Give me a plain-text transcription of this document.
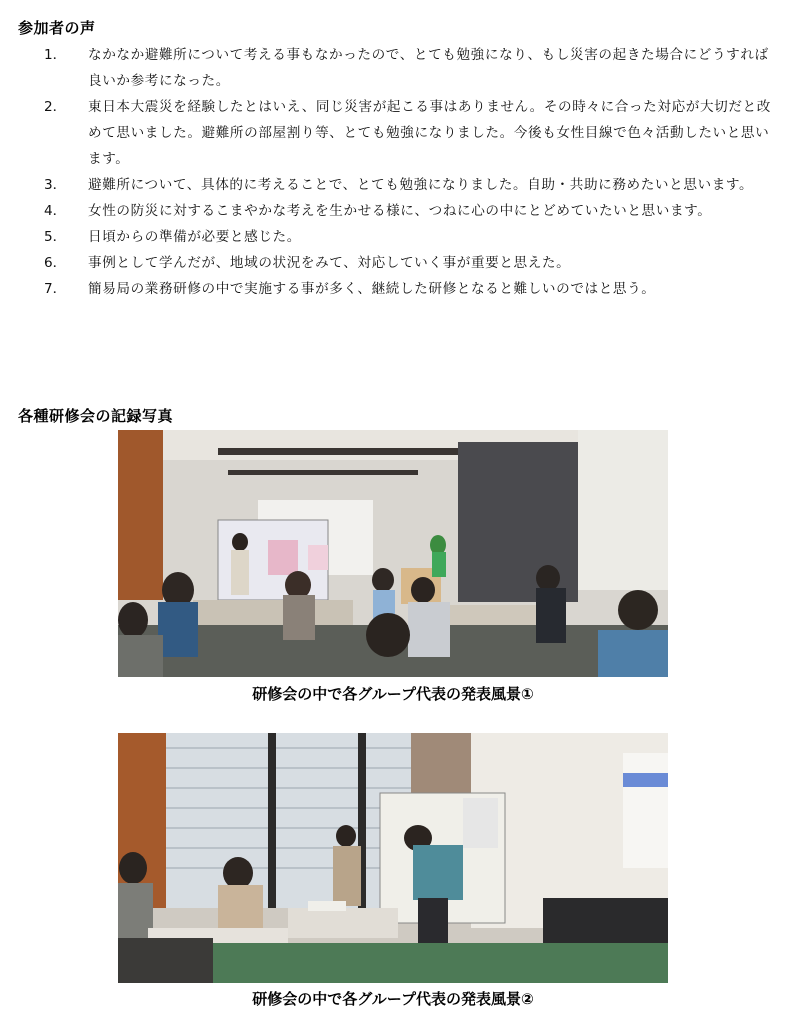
参加者の声
1．	なかなか避難所について考える事もなかったので、とても勉強になり、もし災害の起きた場合にどうすれば良いか参考になった。
2．	東日本大震災を経験したとはいえ、同じ災害が起こる事はありません。その時々に合った対応が大切だと改めて思いました。避難所の部屋割り等、とても勉強になりました。今後も女性目線で色々活動したいと思います。
3．	避難所について、具体的に考えることで、とても勉強になりました。自助・共助に務めたいと思います。
4．	女性の防災に対するこまやかな考えを生かせる様に、つねに心の中にとどめていたいと思います。
5．	日頃からの準備が必要と感じた。
6．	事例として学んだが、地域の状況をみて、対応していく事が重要と思えた。
7．	簡易局の業務研修の中で実施する事が多く、継続した研修となると難しいのではと思う。
各種研修会の記録写真
研修会の中で各グループ代表の発表風景①
研修会の中で各グループ代表の発表風景②
